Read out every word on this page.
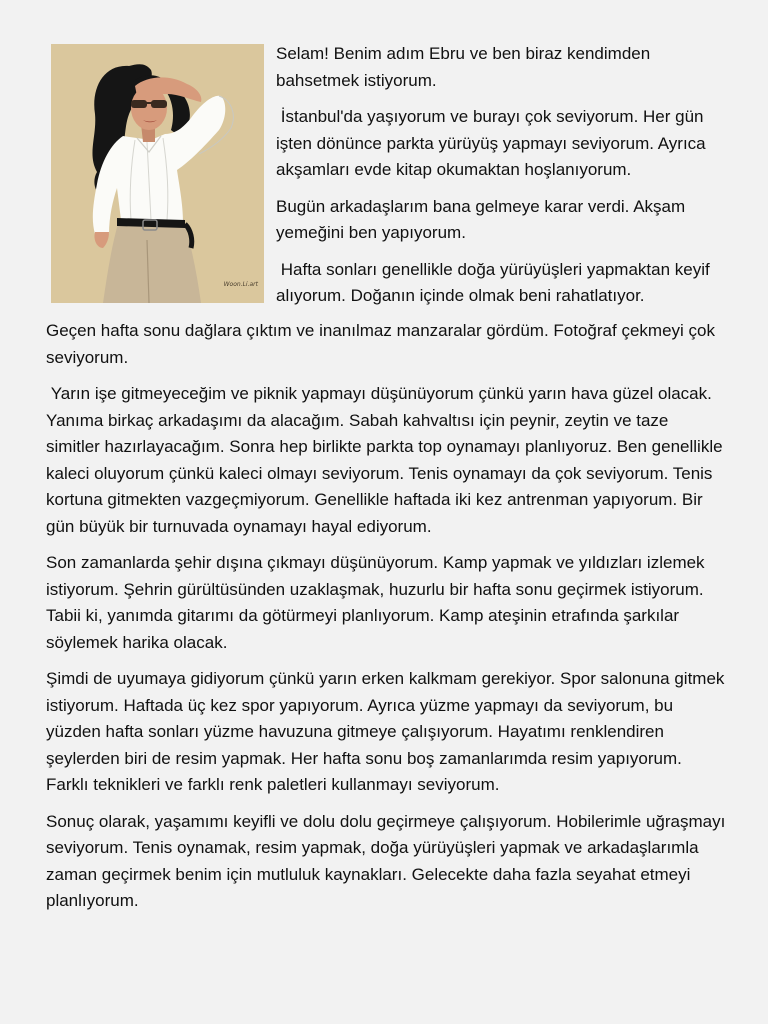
Woon.Li.art

Selam! Benim adım Ebru ve ben biraz kendimden bahsetmek istiyorum.

İstanbul'da yaşıyorum ve burayı çok seviyorum. Her gün işten dönünce parkta yürüyüş yapmayı seviyorum. Ayrıca akşamları evde kitap okumaktan hoşlanıyorum.

Bugün arkadaşlarım bana gelmeye karar verdi. Akşam yemeğini ben yapıyorum.

Hafta sonları genellikle doğa yürüyüşleri yapmaktan keyif alıyorum. Doğanın içinde olmak beni rahatlatıyor.

Geçen hafta sonu dağlara çıktım ve inanılmaz manzaralar gördüm. Fotoğraf çekmeyi çok seviyorum.

Yarın işe gitmeyeceğim ve piknik yapmayı düşünüyorum çünkü yarın hava güzel olacak. Yanıma birkaç arkadaşımı da alacağım. Sabah kahvaltısı için peynir, zeytin ve taze simitler hazırlayacağım. Sonra hep birlikte parkta top oynamayı planlıyoruz. Ben genellikle kaleci oluyorum çünkü kaleci olmayı seviyorum. Tenis oynamayı da çok seviyorum. Tenis kortuna gitmekten vazgeçmiyorum. Genellikle haftada iki kez antrenman yapıyorum. Bir gün büyük bir turnuvada oynamayı hayal ediyorum.

Son zamanlarda şehir dışına çıkmayı düşünüyorum. Kamp yapmak ve yıldızları izlemek istiyorum. Şehrin gürültüsünden uzaklaşmak, huzurlu bir hafta sonu geçirmek istiyorum. Tabii ki, yanımda gitarımı da götürmeyi planlıyorum. Kamp ateşinin etrafında şarkılar söylemek harika olacak.

Şimdi de uyumaya gidiyorum çünkü yarın erken kalkmam gerekiyor. Spor salonuna gitmek istiyorum. Haftada üç kez spor yapıyorum. Ayrıca yüzme yapmayı da seviyorum, bu yüzden hafta sonları yüzme havuzuna gitmeye çalışıyorum. Hayatımı renklendiren şeylerden biri de resim yapmak. Her hafta sonu boş zamanlarımda resim yapıyorum. Farklı teknikleri ve farklı renk paletleri kullanmayı seviyorum.

Sonuç olarak, yaşamımı keyifli ve dolu dolu geçirmeye çalışıyorum. Hobilerimle uğraşmayı seviyorum. Tenis oynamak, resim yapmak, doğa yürüyüşleri yapmak ve arkadaşlarımla zaman geçirmek benim için mutluluk kaynakları. Gelecekte daha fazla seyahat etmeyi planlıyorum.
